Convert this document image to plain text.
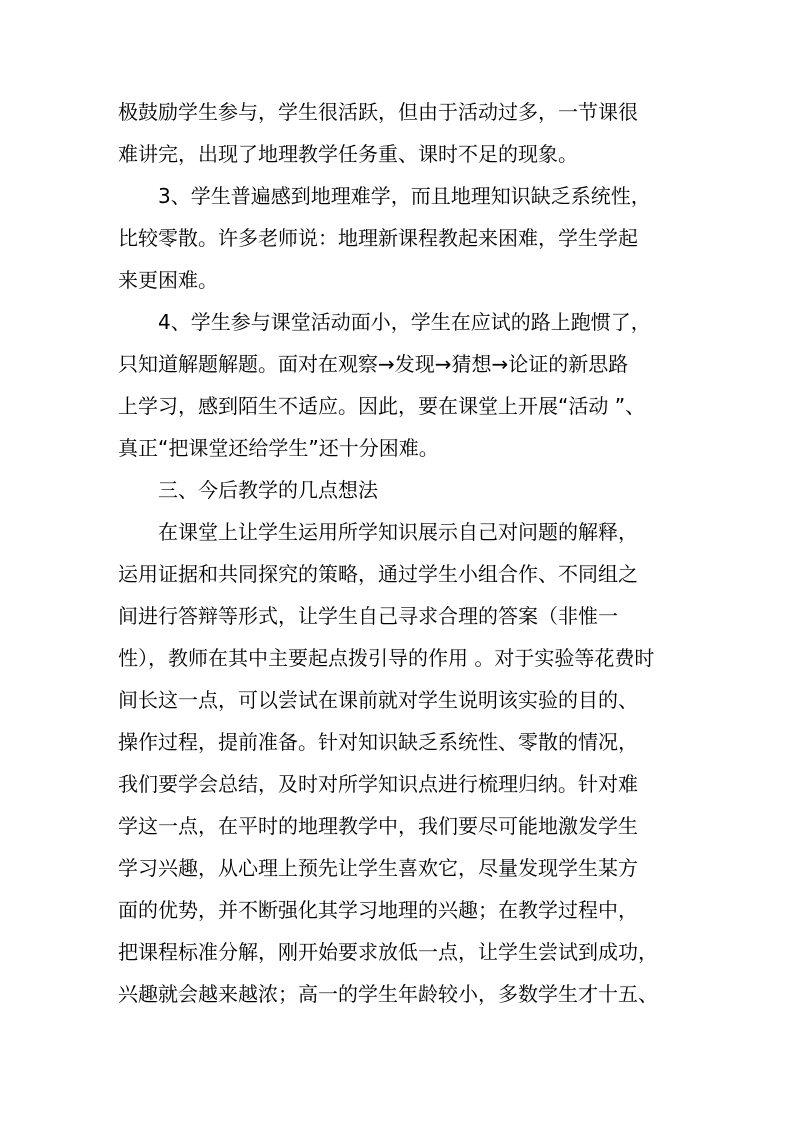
极鼓励学生参与，学生很活跃，但由于活动过多，一节课很
难讲完，出现了地理教学任务重、课时不足的现象。
3、学生普遍感到地理难学，而且地理知识缺乏系统性，
比较零散。许多老师说：地理新课程教起来困难，学生学起
来更困难。
4、学生参与课堂活动面小，学生在应试的路上跑惯了，
只知道解题解题。面对在观察→发现→猜想→论证的新思路
上学习，感到陌生不适应。因此，要在课堂上开展“活动 ”、
真正“把课堂还给学生”还十分困难。
三、今后教学的几点想法
在课堂上让学生运用所学知识展示自己对问题的解释，
运用证据和共同探究的策略，通过学生小组合作、不同组之
间进行答辩等形式，让学生自己寻求合理的答案（非惟一
性），教师在其中主要起点拨引导的作用 。对于实验等花费时
间长这一点，可以尝试在课前就对学生说明该实验的目的、
操作过程，提前准备。针对知识缺乏系统性、零散的情况，
我们要学会总结，及时对所学知识点进行梳理归纳。针对难
学这一点，在平时的地理教学中，我们要尽可能地激发学生
学习兴趣，从心理上预先让学生喜欢它，尽量发现学生某方
面的优势，并不断强化其学习地理的兴趣；在教学过程中，
把课程标准分解，刚开始要求放低一点，让学生尝试到成功，
兴趣就会越来越浓；高一的学生年龄较小，多数学生才十五、
